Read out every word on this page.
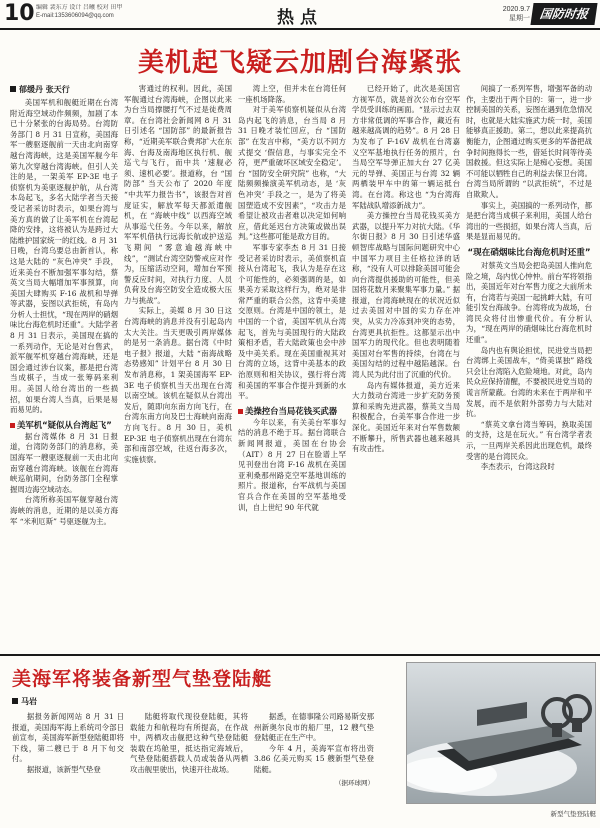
10 编辑 裴东方 设计 吕曦 校对 田甲
E-mail:1353606094@qq.com	热点	2020.9.7
星期一 国防时报
美机起飞疑云加剧台海紧张
郁缓丹 张天行

美国军机和舰艇近期在台湾附近海空域动作频频，加剧了本已十分紧张的台海局势。台湾防务部门 8 月 31 日宣称，美国海军一艘驱逐舰前一天由北向南穿越台湾海峡，这是美国军舰今年第九次穿越台湾海峡。但引人关注的是，一架美军 EP-3E 电子侦察机为美驱逐舰护航，从台湾本岛起飞，多名大陆学者当天接受记者采访时表示，如果台湾与美方真的做了让美军机在台湾起降的安排，这将被认为是跨过大陆维护国家统一的红线。8 月 31 日晚，台湾乌要总由新首认，称这是大陆的 “灰色冲突” 手段，近来美台不断加强军事勾结，蔡英文当局大幅增加军事预算，向美国大肆购买 F-16 战机和导弹等武器，妄图以武拒统，有岛内分析人士担忧，“现在两岸的硝烟味比台海危机时还重”。大陆学者 8 月 31 日表示，美国现在搞的一系列动作，无论是对台售武，派军舰军机穿越台湾海峡，还是国会通过涉台议案，都是把台湾当成棋子，当成一张筹码来利用。美国人给台湾出的一些损招，如果台湾人当真，后果是易而易见的。

美军机“疑似从台湾起飞”

据台湾媒体 8 月 31 日报道，台湾防务部门的消息称，美国海军一艘驱逐舰前一天由北向南穿越台湾海峡。该舰在台湾海峡巡航期间，台防务部门全程掌握周边海空域动态。

台湾所称美国军舰穿越台湾海峡的消息，近期的是以美方海军 “米利厄斯” 号驱逐舰为主。

害通过的权利。因此，美国军舰通过台湾海峡，企图以此来为台当局撑腰打气不过是徒费周章。在台湾社会新闻网 8 月 31 日引述名 “国防部” 的最新报告称，“近期美军联合费邦扩大在东海、台海及南海地区执行机、舰巡弋与飞行，而中共 ‘速舰必须、速机必要’。报道称，台 “国防部” 当天公布了 2020 年度 “中共军力报告书”，该报告对首度证实，解放军每天都派遣舰机，在 “海峡中线” 以西海空域从事巡弋任务。今年以来，解放军军机借执行远海长航或护送巡飞期间 “雾意逾越海峡中线”，“测试台湾空防警戒应对作为，压缩活动空间，增加台军预警反应时间，对执行力度、人员负荷及台海空防安全造成极大压力与挑战”。

实际上，美媒 8 月 30 日这台湾海峡的消息并没有引起岛内太大关注。当天更吸引两岸媒体的是另一条消息。据台湾《中时电子报》报道，大陆 “南海战略态势感知” 计划平台 8 月 30 日发布消息称，1 架美国海军 EP-3E 电子侦察机当天出现在台湾以南空域。该机在疑似从台湾出发后，随即向东南方向飞行，在台湾东南方向及巴士海峡向南海方向飞行。8 月 30 日，美机 EP-3E 电子侦察机出现在台湾东部和南部空域，往返台海多次，实施侦察。

湾上空，但并未在台湾任何一座机场降落。

对于美军侦察机疑似从台湾岛内起飞的消息，台当局 8 月 31 日晚才装忙回应，台 “国防部” 在发言中称，“美方以不同方式提交 ‘假信息，与事实完全不符，更严重破坏区域安全稳定’。台 “国防安全研究院” 也称，“大陆频频操演美军机动态，是 ‘灰色冲突’ 手段之一，是为了将美国塑造成不安因素”，“攻击力是希望让被攻击者难以决定如何响应，借此延迟台方决策或做出误判。”这些都可能是敌方目的。

军事专家李杰 8 月 31 日接受记者采访时表示，美侦察机直接从台湾起飞，我认为是存在这个可能性的，必须强调的是，如果美方采取这样行为，绝对是非常严重的联合公然，这背中美建交原则。台湾是中国的领土，是中国的一个省，美国军机从台湾起飞，首先与美国现行的大陆政策相矛盾，若大陆政策也会中涉及中美关系。现在美国重视其对台湾的立场，这背中美基本的政治原则和相关协议，强行将台湾和美国的军事合作提升到新的水平。

美操控台当局花钱买武器

今年以来，有关美台军事勾结的消息不绝于耳。据台湾联合新闻网报道，美国在台协会（AIT）8 月 27 日在脸谱上罕见刊登出台湾 F-16 战机在美国亚利桑那州路克空军基地训练的照片。报道称，台军战机与美国官兵合作在美国的空军基地受训，自上世纪 90 年代就

已经开始了，此次是美国官方视军员，就是首次公布台空军学员受训练的画面。“显示过去双方非常低调的军事合作，藏近有越来越高调的趋势”。8 月 28 日为发布了 F-16V 战机在台湾嘉义空军基地执行任务的照片，台当局空军导弹正加大台 27 亿美元的导弹、美国正与台湾 32 辆两栖装甲车中的第一辆运抵台湾。在台湾。称这也 “为台湾海军陆战队增添新战力”。

美方操控台当局花钱买美方武器，以提升军力对抗大陆。《华尔街日报》8 月 30 日引述华盛顿智库战略与国际问题研究中心中国军力项目主任格拉泽的话称，“没有人可以排除美国可能会向台湾提供援助的可能性，但美国将花数月来聚集军事力量。” 据报道，台湾海峡现在的状况近似过去美国对中国的实力存在冲突，从实力冷冻到冲突的态势，台湾更具抗拒性。这都显示出中国军力的现代化。但也表明随着美国对台军售的持续，台湾在与美国勾结的过程中越陷越深。台湾人民为此付出了沉重的代价。

岛内有媒体报道，美方近来大力鼓动台湾进一步扩充防务预算和采购先进武器，蔡英文当局积极配合，台美军事合作进一步深化。美国近年来对台军售数额不断攀升，所售武器也越来越具有攻击性。

间搞了一系列军售，增强军备的动作，主要出于两个目的：第一，进一步控制美国的关系，妄图在遇到危急情况时，也就是大陆实施武力统一时，美国能够真正援助。第二，想以此来提高抗衡能力，企图通过购买更多的军备把战争时间拖得长一些，借延长时间等待美国救援。但这实际上是痴心妄想。美国不可能以牺牲自己的利益去保卫台湾。台湾当局所谓的 “以武拒统”，不过是自欺欺人。

事实上，美国搞的一系列动作，都是把台湾当成棋子来利用，美国人给台湾出的一些损招，如果台湾人当真，后果是显而易见的。

“现在硝烟味比台海危机时还重”

对蔡英文当局会把岛美国人推向危险之境，岛内忧心忡忡。前台军将领指出，美国近年对台军售力度之大前所未有，台湾若与美国一起挑衅大陆，有可能引发台海战争。台湾将成为战场，台湾民众将付出惨重代价。有分析认为，“现在两岸的硝烟味比台海危机时还重”。

岛内也有舆论担忧，民进党当局把台湾绑上美国战车，“倚美谋独” 路线只会让台湾陷入危险境地。对此，岛内民众应保持清醒，不要被民进党当局的谎言所蒙蔽。台湾的未来在于两岸和平发展，而不是依附外部势力与大陆对抗。

“蔡英文拿台湾当筹码，换取美国的支持，这是在玩火。” 有台湾学者表示，一旦两岸关系因此出现危机，最终受害的是台湾民众。

李杰表示，台湾这段时

美海军将装备新型气垫登陆艇
马岩

据报务新闻网站 8 月 31 日报道，美国海军海上系统司令部日前宣布，美国海军新型登陆艇即将下线，第二艘已于 8 月下旬交付。

据报道，该新型气垫登

陆艇将取代现役登陆艇，其将载能力和航程均有所提高，在作战中，两栖攻击舰把这种气垫登陆艇装载在坞舱里，抵达指定海域后，气垫登陆艇搭载人员或装备从两栖攻击舰里驶出，快速开往战场。

据悉，在德事隆公司路易斯安那州新奥尔良市的船厂里，12 艘气垫登陆艇正在生产中。

今年 4 月，美海军宣布将出资 3.86 亿美元购买 15 艘新型气垫登陆艇。

（据环球网）
新型气垫登陆艇
